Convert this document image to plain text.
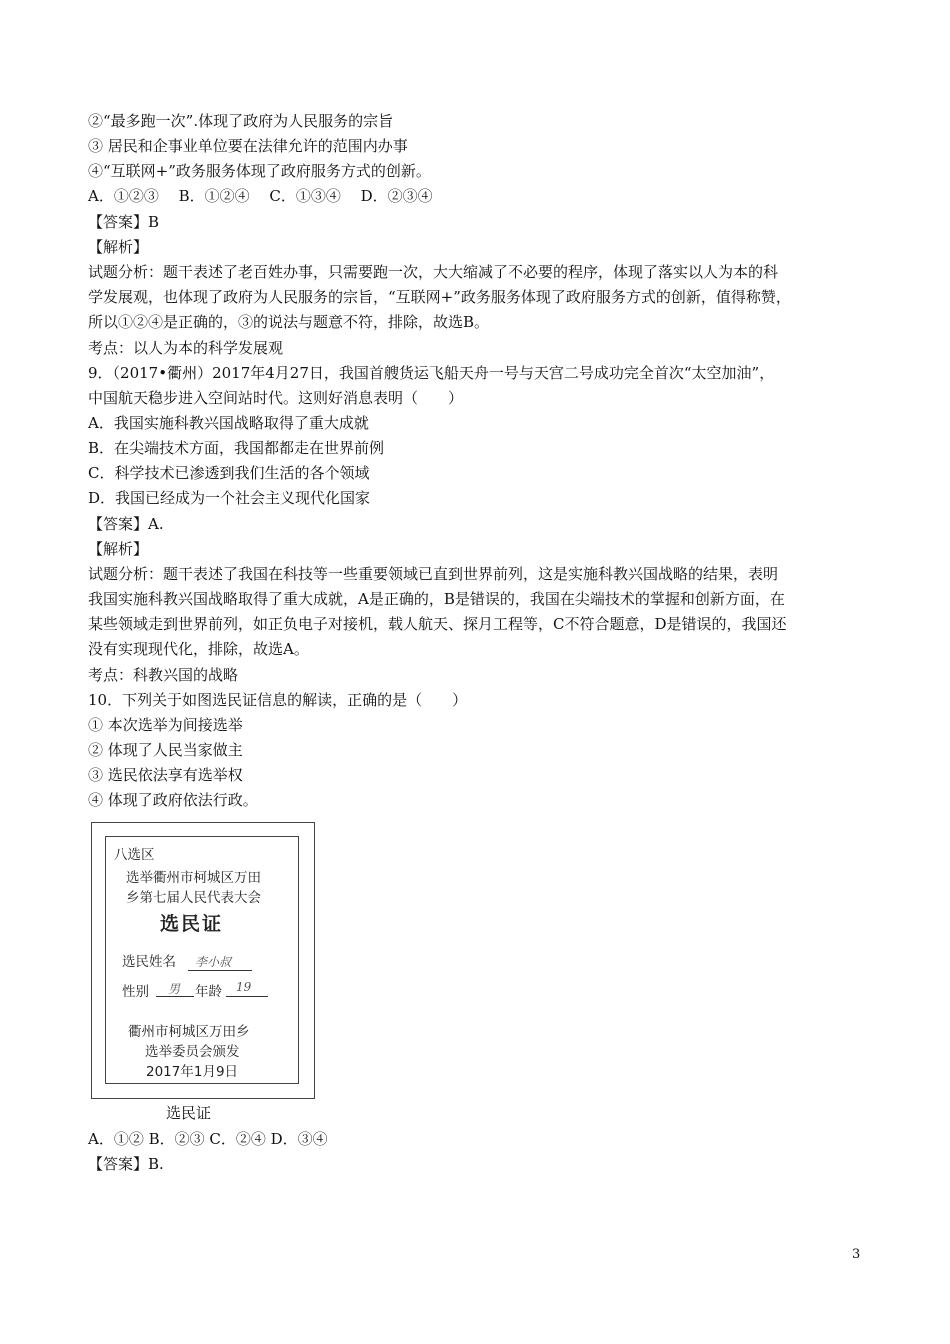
②“最多跑一次”.体现了政府为人民服务的宗旨
③ 居民和企事业单位要在法律允许的范围内办事
④“互联网+”政务服务体现了政府服务方式的创新。
A．①②③　 B．①②④　 C．①③④　 D．②③④
【答案】B
【解析】
试题分析：题干表述了老百姓办事，只需要跑一次，大大缩减了不必要的程序，体现了落实以人为本的科
学发展观，也体现了政府为人民服务的宗旨，“互联网+”政务服务体现了政府服务方式的创新，值得称赞，
所以①②④是正确的，③的说法与题意不符，排除，故选B。
考点：以人为本的科学发展观
9．（2017•衢州）2017年4月27日，我国首艘货运飞船天舟一号与天宫二号成功完全首次“太空加油”，
中国航天稳步进入空间站时代。这则好消息表明（　　）
A．我国实施科教兴国战略取得了重大成就
B．在尖端技术方面，我国都都走在世界前例
C．科学技术已渗透到我们生活的各个领域
D．我国已经成为一个社会主义现代化国家
【答案】A.
【解析】
试题分析：题干表述了我国在科技等一些重要领域已直到世界前列，这是实施科教兴国战略的结果，表明
我国实施科教兴国战略取得了重大成就，A是正确的，B是错误的，我国在尖端技术的掌握和创新方面，在
某些领域走到世界前列，如正负电子对接机，载人航天、探月工程等，C不符合题意，D是错误的，我国还
没有实现现代化，排除，故选A。
考点：科教兴国的战略
10．下列关于如图选民证信息的解读，正确的是（　　）
① 本次选举为间接选举
② 体现了人民当家做主
③ 选民依法享有选举权
④ 体现了政府依法行政。
八选区
选举衢州市柯城区万田
乡第七届人民代表大会
选民证
选民姓名 李小叔
性别 男 年龄 19
衢州市柯城区万田乡
选举委员会颁发
2017年1月9日
选民证
A．①② B．②③ C．②④ D．③④
【答案】B.
3
